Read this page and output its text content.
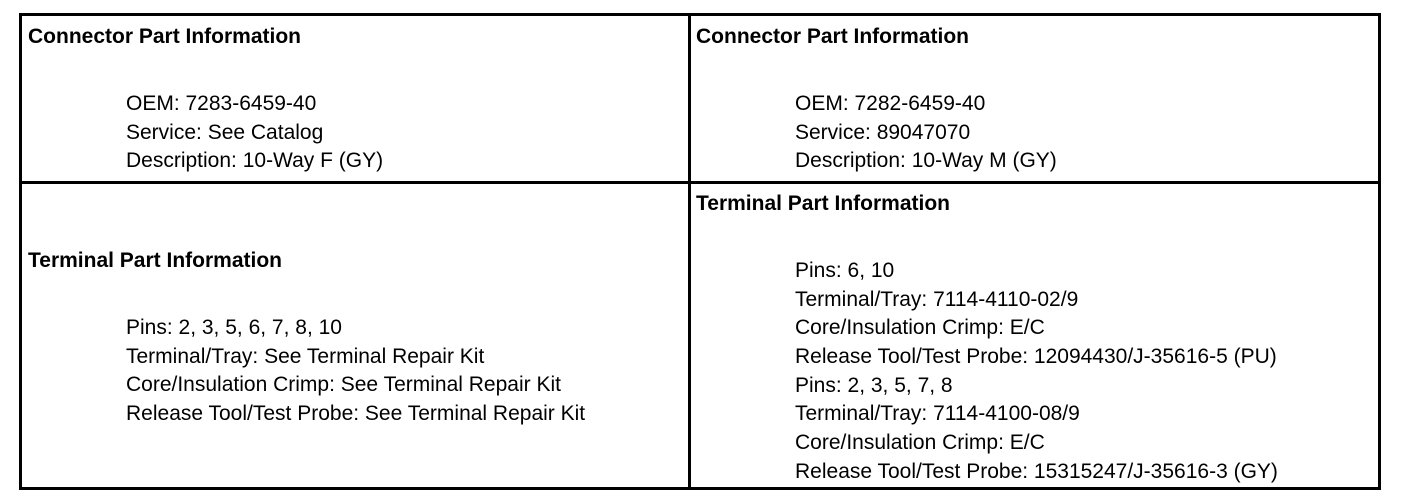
Connector Part Information
OEM: 7283-6459-40
Service: See Catalog
Description: 10-Way F (GY)
Connector Part Information
OEM: 7282-6459-40
Service: 89047070
Description: 10-Way M (GY)
Terminal Part Information
Pins: 2, 3, 5, 6, 7, 8, 10
Terminal/Tray: See Terminal Repair Kit
Core/Insulation Crimp: See Terminal Repair Kit
Release Tool/Test Probe: See Terminal Repair Kit
Terminal Part Information
Pins: 6, 10
Terminal/Tray: 7114-4110-02/9
Core/Insulation Crimp: E/C
Release Tool/Test Probe: 12094430/J-35616-5 (PU)
Pins: 2, 3, 5, 7, 8
Terminal/Tray: 7114-4100-08/9
Core/Insulation Crimp: E/C
Release Tool/Test Probe: 15315247/J-35616-3 (GY)
